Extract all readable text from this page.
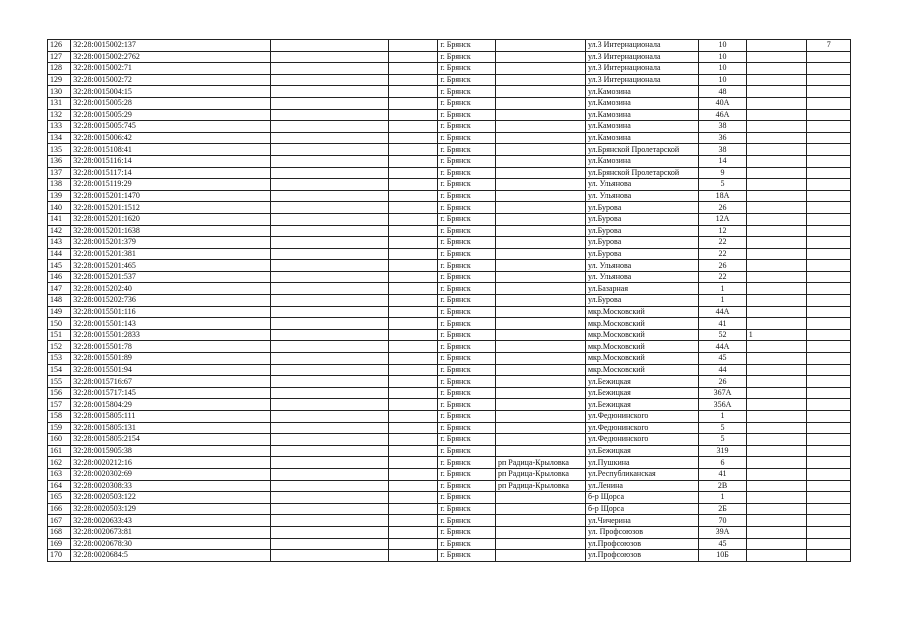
126	32:28:0015002:137			г. Брянск		ул.3 Интернационала	10		7
127	32:28:0015002:2762			г. Брянск		ул.3 Интернационала	10		
128	32:28:0015002:71			г. Брянск		ул.3 Интернационала	10		
129	32:28:0015002:72			г. Брянск		ул.3 Интернационала	10		
130	32:28:0015004:15			г. Брянск		ул.Камозина	48		
131	32:28:0015005:28			г. Брянск		ул.Камозина	40А		
132	32:28:0015005:29			г. Брянск		ул.Камозина	46А		
133	32:28:0015005:745			г. Брянск		ул.Камозина	38		
134	32:28:0015006:42			г. Брянск		ул.Камозина	36		
135	32:28:0015108:41			г. Брянск		ул.Брянской Пролетарской	38		
136	32:28:0015116:14			г. Брянск		ул.Камозина	14		
137	32:28:0015117:14			г. Брянск		ул.Брянской Пролетарской	9		
138	32:28:0015119:29			г. Брянск		ул. Ульянова	5		
139	32:28:0015201:1470			г. Брянск		ул. Ульянова	18А		
140	32:28:0015201:1512			г. Брянск		ул.Бурова	26		
141	32:28:0015201:1620			г. Брянск		ул.Бурова	12А		
142	32:28:0015201:1638			г. Брянск		ул.Бурова	12		
143	32:28:0015201:379			г. Брянск		ул.Бурова	22		
144	32:28:0015201:381			г. Брянск		ул.Бурова	22		
145	32:28:0015201:465			г. Брянск		ул. Ульянова	26		
146	32:28:0015201:537			г. Брянск		ул. Ульянова	22		
147	32:28:0015202:40			г. Брянск		ул.Базарная	1		
148	32:28:0015202:736			г. Брянск		ул.Бурова	1		
149	32:28:0015501:116			г. Брянск		мкр.Московский	44А		
150	32:28:0015501:143			г. Брянск		мкр.Московский	41		
151	32:28:0015501:2833			г. Брянск		мкр.Московский	52	1	
152	32:28:0015501:78			г. Брянск		мкр.Московский	44А		
153	32:28:0015501:89			г. Брянск		мкр.Московский	45		
154	32:28:0015501:94			г. Брянск		мкр.Московский	44		
155	32:28:0015716:67			г. Брянск		ул.Бежицкая	26		
156	32:28:0015717:145			г. Брянск		ул.Бежицкая	367А		
157	32:28:0015804:29			г. Брянск		ул.Бежицкая	356А		
158	32:28:0015805:111			г. Брянск		ул.Федюнинского	1		
159	32:28:0015805:131			г. Брянск		ул.Федюнинского	5		
160	32:28:0015805:2154			г. Брянск		ул.Федюнинского	5		
161	32:28:0015905:38			г. Брянск		ул.Бежицкая	319		
162	32:28:0020212:16			г. Брянск	рп Радица-Крыловка	ул.Пушкина	6		
163	32:28:0020302:69			г. Брянск	рп Радица-Крыловка	ул.Республиканская	41		
164	32:28:0020308:33			г. Брянск	рп Радица-Крыловка	ул.Ленина	2В		
165	32:28:0020503:122			г. Брянск		б-р Щорса	1		
166	32:28:0020503:129			г. Брянск		б-р Щорса	2Б		
167	32:28:0020633:43			г. Брянск		ул.Чичерина	70		
168	32:28:0020673:81			г. Брянск		ул. Профсоюзов	39А		
169	32:28:0020678:30			г. Брянск		ул.Профсоюзов	45		
170	32:28:0020684:5			г. Брянск		ул.Профсоюзов	10Б		
